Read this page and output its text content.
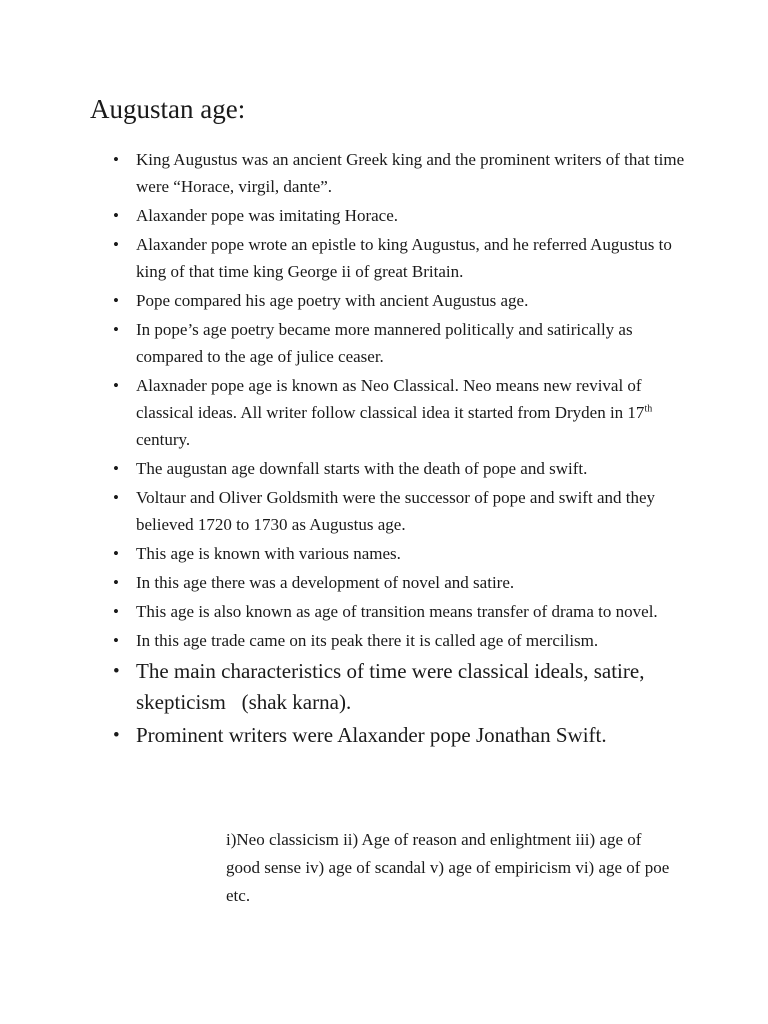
Augustan age:
• King Augustus was an ancient Greek king and the prominent writers of that time were “Horace, virgil, dante”.
• Alaxander pope was imitating Horace.
• Alaxander pope wrote an epistle to king Augustus, and he referred Augustus to king of that time king George ii of great Britain.
• Pope compared his age poetry with ancient Augustus age.
• In pope’s age poetry became more mannered politically and satirically as compared to the age of julice ceaser.
• Alaxnader pope age is known as Neo Classical. Neo means new revival of classical ideas. All writer follow classical idea it started from Dryden in 17th century.
• The augustan age downfall starts with the death of pope and swift.
• Voltaur and Oliver Goldsmith were the successor of pope and swift and they believed 1720 to 1730 as Augustus age.
• This age is known with various names.
• In this age there was a development of novel and satire.
• This age is also known as age of transition means transfer of drama to novel.
• In this age trade came on its peak there it is called age of mercilism.
• The main characteristics of time were classical ideals, satire, skepticism   (shak karna).
• Prominent writers were Alaxander pope Jonathan Swift.

i)Neo classicism ii) Age of reason and enlightment iii) age of good sense iv) age of scandal v) age of empiricism vi) age of poe etc.
